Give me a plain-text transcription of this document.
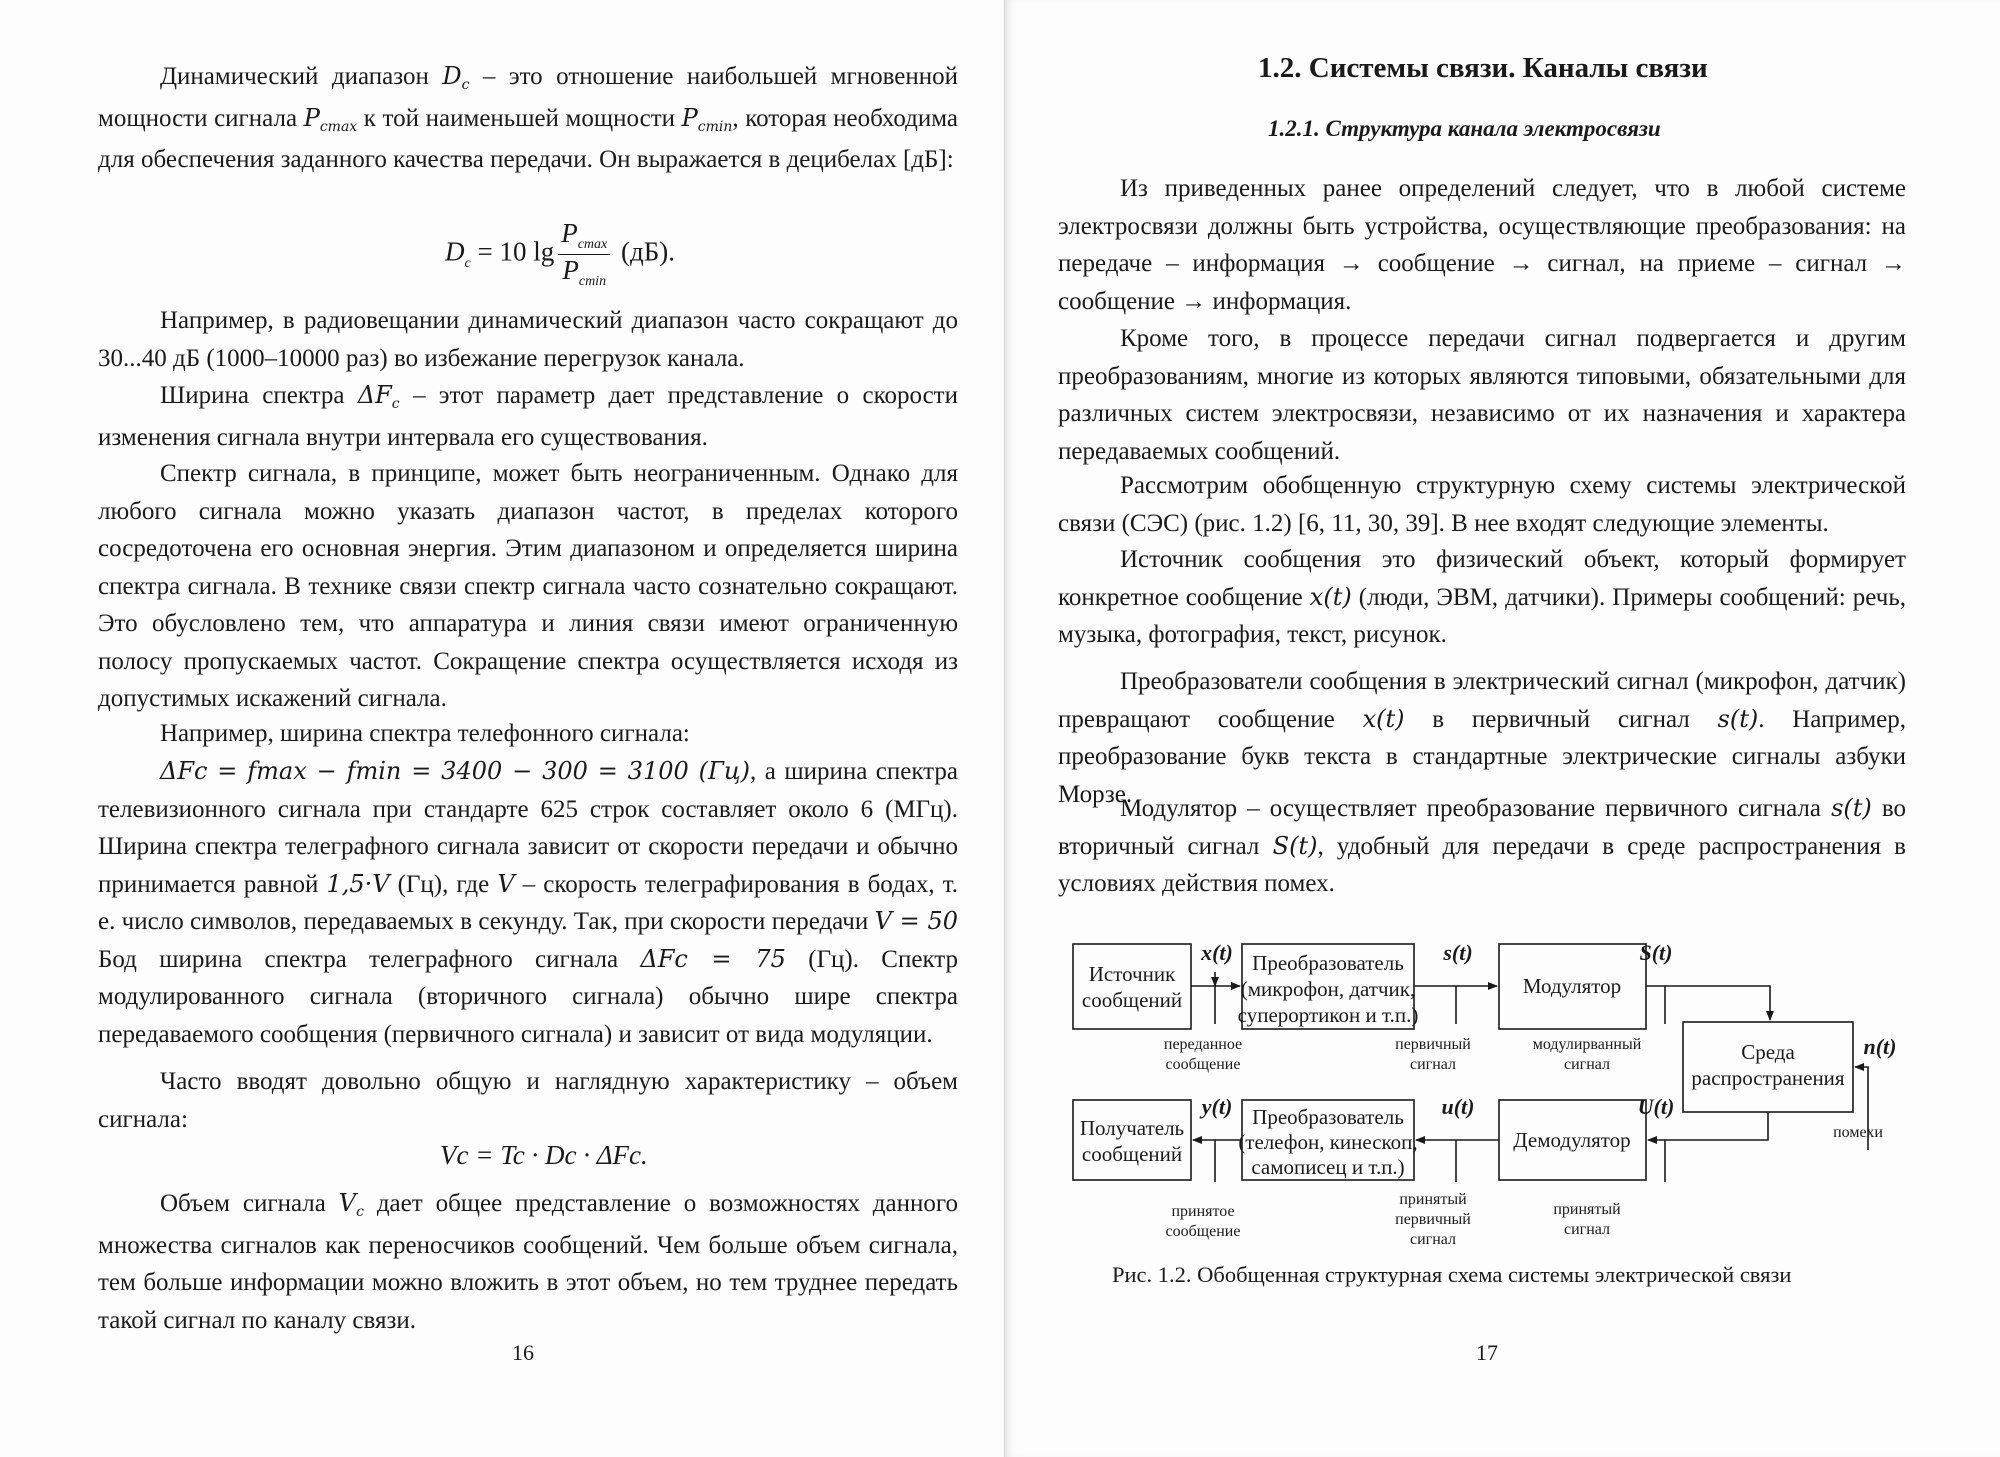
Динамический диапазон $D_c$ – это отношение наибольшей мгновенной мощности сигнала $P_{cmax}$ к той наименьшей мощности $P_{cmin}$, которая необходима для обеспечения заданного качества передачи. Он выражается в децибелах [дБ]:

$D_c = 10$ $\lg \frac{P_{cmax}}{P_{cmin}} (дБ)$.

Например, в радиовещании динамический диапазон часто сокращают до 30...40 дБ (1000–10000 раз) во избежание перегрузок канала.

Ширина спектра $\Delta F_c$ – этот параметр дает представление о скорости изменения сигнала внутри интервала его существования.

Спектр сигнала, в принципе, может быть неограниченным. Однако для любого сигнала можно указать диапазон частот, в пределах которого сосредоточена его основная энергия. Этим диапазоном и определяется ширина спектра сигнала. В технике связи спектр сигнала часто сознательно сокращают. Это обусловлено тем, что аппаратура и линия связи имеют ограниченную полосу пропускаемых частот. Сокращение спектра осуществляется исходя из допустимых искажений сигнала.

Например, ширина спектра телефонного сигнала:

ΔFc = fmax − fmin = 3400 − 300 = 3100 (Гц), а ширина спектра телевизионного сигнала при стандарте 625 строк составляет около 6 (МГц). Ширина спектра телеграфного сигнала зависит от скорости передачи и обычно принимается равной 1,5·V (Гц), где V – скорость телеграфирования в бодах, т. е. число символов, передаваемых в секунду. Так, при скорости передачи V = 50 Бод ширина спектра телеграфного сигнала ΔFc = 75 (Гц). Спектр модулированного сигнала (вторичного сигнала) обычно шире спектра передаваемого сообщения (первичного сигнала) и зависит от вида модуляции.

Часто вводят довольно общую и наглядную характеристику – объем сигнала:

Vc = Tc · Dc · ΔFc.

Объем сигнала $V_c$ дает общее представление о возможностях данного множества сигналов как переносчиков сообщений. Чем больше объем сигнала, тем больше информации можно вложить в этот объем, но тем труднее передать такой сигнал по каналу связи.

16
1.2. Системы связи. Каналы связи
1.2.1. Структура канала электросвязи

Из приведенных ранее определений следует, что в любой системе электросвязи должны быть устройства, осуществляющие преобразования: на передаче – информация → сообщение → сигнал, на приеме – сигнал → сообщение → информация.

Кроме того, в процессе передачи сигнал подвергается и другим преобразованиям, многие из которых являются типовыми, обязательными для различных систем электросвязи, независимо от их назначения и характера передаваемых сообщений.

Рассмотрим обобщенную структурную схему системы электрической связи (СЭС) (рис. 1.2) [6, 11, 30, 39]. В нее входят следующие элементы.

Источник сообщения это физический объект, который формирует конкретное сообщение x(t) (люди, ЭВМ, датчики). Примеры сообщений: речь, музыка, фотография, текст, рисунок.

Преобразователи сообщения в электрический сигнал (микрофон, датчик) превращают сообщение x(t) в первичный сигнал s(t). Например, преобразование букв текста в стандартные электрические сигналы азбуки Морзе.

Модулятор – осуществляет преобразование первичного сигнала s(t) во вторичный сигнал S(t), удобный для передачи в среде распространения в условиях действия помех.

Источник
сообщений
Преобразователь
(микрофон, датчик,
суперортикон и т.п.)
Модулятор
Среда
распространения
Получатель
сообщений
Преобразователь
(телефон, кинескоп,
самописец и т.п.)
Демодулятор
x(t)	s(t)	S(t)
n(t)
y(t)	u(t)	U(t)
переданное
сообщение
первичный
сигнал
модулирванный
сигнал
помехи
принятое
сообщение
принятый
первичный
сигнал
принятый
сигнал
Рис. 1.2. Обобщенная структурная схема системы электрической связи
17
